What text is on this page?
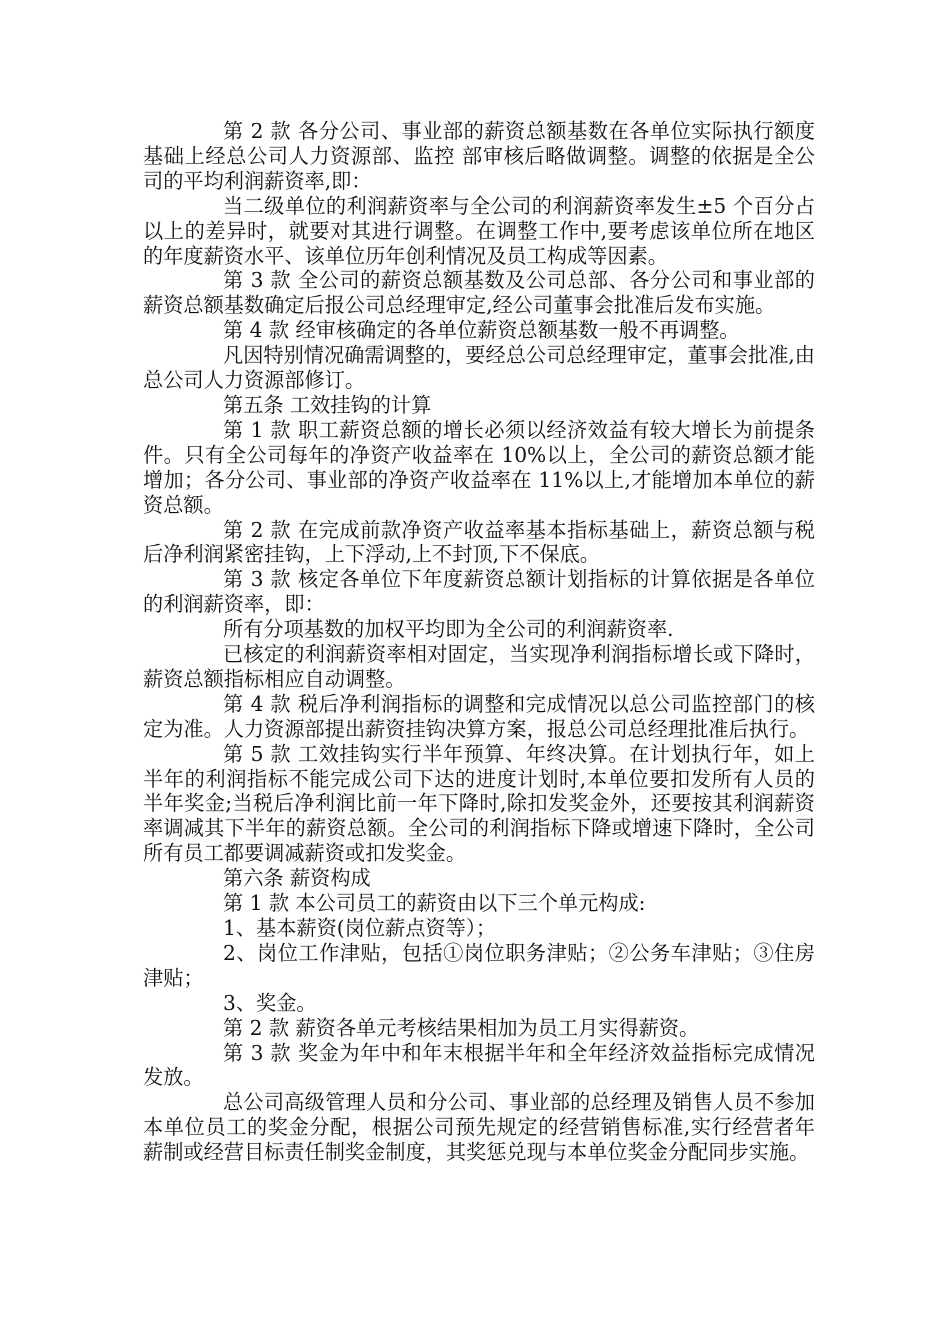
第 2 款 各分公司、事业部的薪资总额基数在各单位实际执行额度基础上经总公司人力资源部、监控 部审核后略做调整。调整的依据是全公司的平均利润薪资率,即：

当二级单位的利润薪资率与全公司的利润薪资率发生±5 个百分占以上的差异时，就要对其进行调整。在调整工作中,要考虑该单位所在地区的年度薪资水平、该单位历年创利情况及员工构成等因素。

第 3 款 全公司的薪资总额基数及公司总部、各分公司和事业部的薪资总额基数确定后报公司总经理审定,经公司董事会批准后发布实施。

第 4 款 经审核确定的各单位薪资总额基数一般不再调整。

凡因特别情况确需调整的，要经总公司总经理审定，董事会批准,由总公司人力资源部修订。

第五条 工效挂钩的计算

第 1 款 职工薪资总额的增长必须以经济效益有较大增长为前提条件。只有全公司每年的净资产收益率在 10%以上，全公司的薪资总额才能增加；各分公司、事业部的净资产收益率在 11%以上,才能增加本单位的薪资总额。

第 2 款 在完成前款净资产收益率基本指标基础上，薪资总额与税后净利润紧密挂钩，上下浮动,上不封顶,下不保底。

第 3 款 核定各单位下年度薪资总额计划指标的计算依据是各单位的利润薪资率，即：

所有分项基数的加权平均即为全公司的利润薪资率.

已核定的利润薪资率相对固定，当实现净利润指标增长或下降时，薪资总额指标相应自动调整。

第 4 款 税后净利润指标的调整和完成情况以总公司监控部门的核定为准。人力资源部提出薪资挂钩决算方案，报总公司总经理批准后执行。

第 5 款 工效挂钩实行半年预算、年终决算。在计划执行年，如上半年的利润指标不能完成公司下达的进度计划时,本单位要扣发所有人员的半年奖金;当税后净利润比前一年下降时,除扣发奖金外，还要按其利润薪资率调减其下半年的薪资总额。全公司的利润指标下降或增速下降时，全公司所有员工都要调减薪资或扣发奖金。

第六条 薪资构成

第 1 款 本公司员工的薪资由以下三个单元构成:

1、基本薪资(岗位薪点资等）；

2、岗位工作津贴，包括①岗位职务津贴；②公务车津贴；③住房津贴；

3、奖金。

第 2 款 薪资各单元考核结果相加为员工月实得薪资。

第 3 款 奖金为年中和年末根据半年和全年经济效益指标完成情况发放。

总公司高级管理人员和分公司、事业部的总经理及销售人员不参加本单位员工的奖金分配，根据公司预先规定的经营销售标准,实行经营者年薪制或经营目标责任制奖金制度，其奖惩兑现与本单位奖金分配同步实施。
